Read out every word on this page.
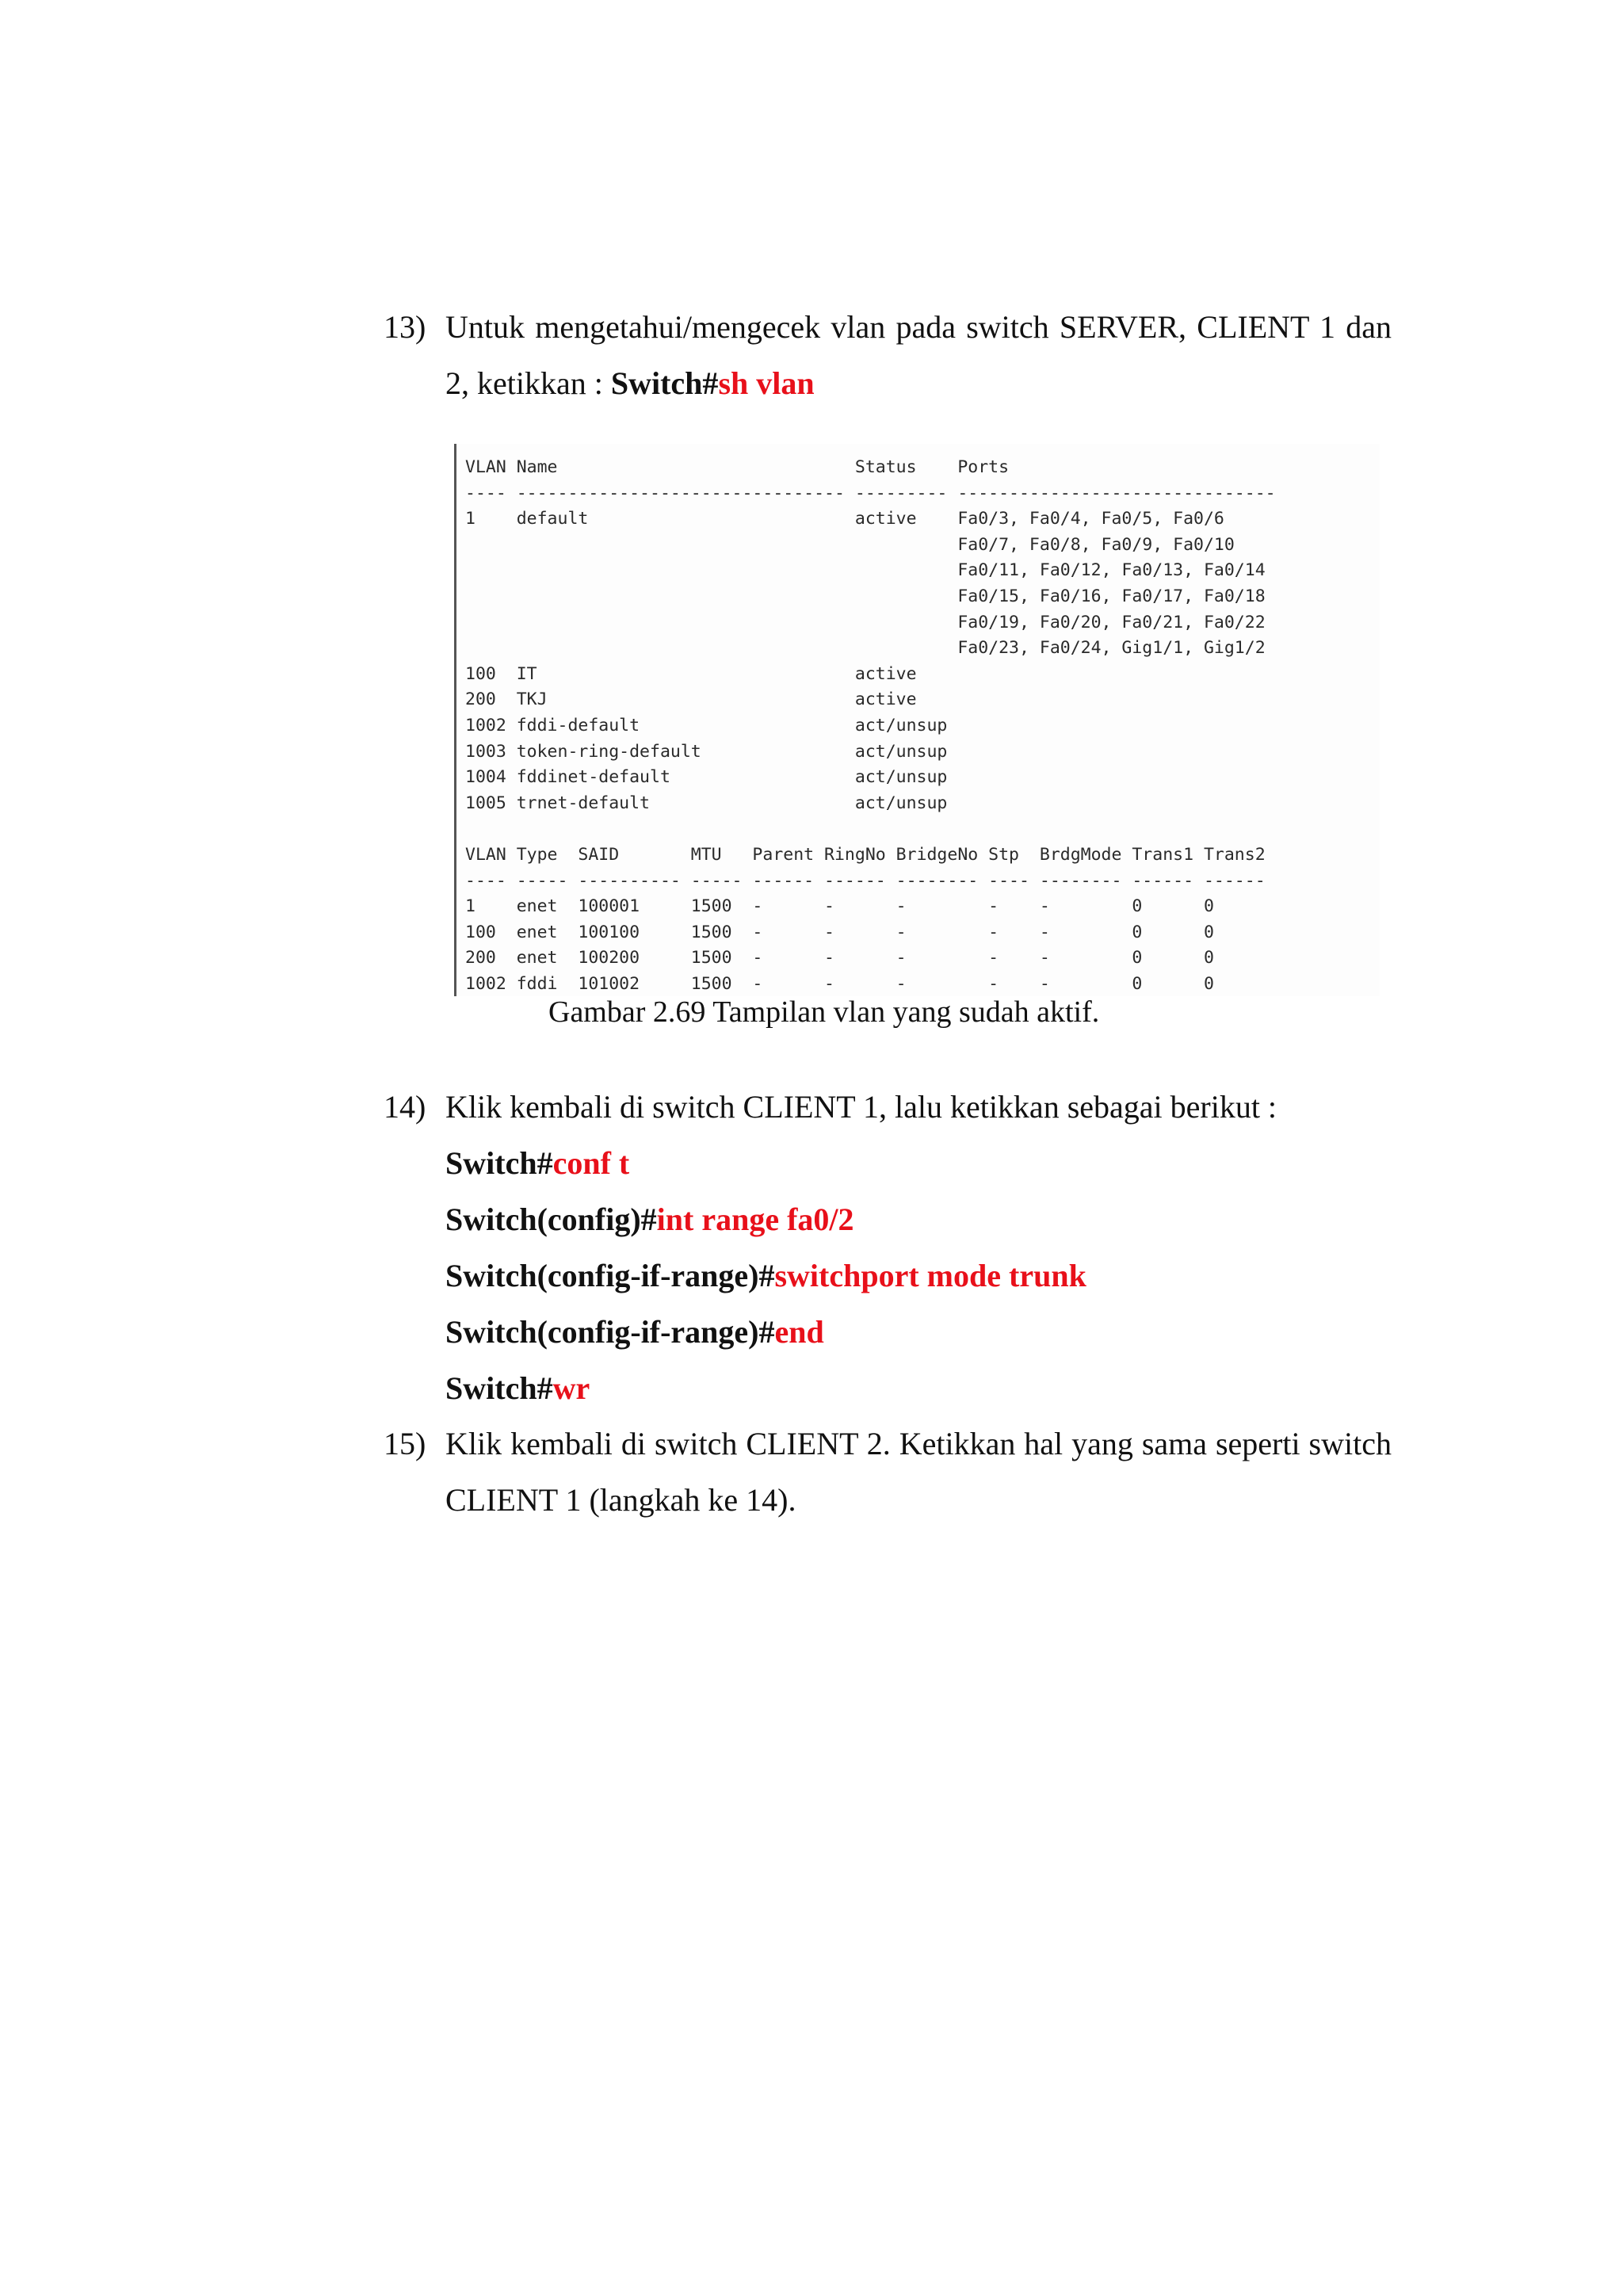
13) Untuk mengetahui/mengecek vlan pada switch SERVER, CLIENT 1 dan 2, ketikkan : Switch#sh vlan
VLAN Name                             Status    Ports
---- -------------------------------- --------- -------------------------------
1    default                          active    Fa0/3, Fa0/4, Fa0/5, Fa0/6
Fa0/7, Fa0/8, Fa0/9, Fa0/10
Fa0/11, Fa0/12, Fa0/13, Fa0/14
Fa0/15, Fa0/16, Fa0/17, Fa0/18
Fa0/19, Fa0/20, Fa0/21, Fa0/22
Fa0/23, Fa0/24, Gig1/1, Gig1/2
100  IT                               active
200  TKJ                              active
1002 fddi-default                     act/unsup
1003 token-ring-default               act/unsup
1004 fddinet-default                  act/unsup
1005 trnet-default                    act/unsup

VLAN Type  SAID       MTU   Parent RingNo BridgeNo Stp  BrdgMode Trans1 Trans2
---- ----- ---------- ----- ------ ------ -------- ---- -------- ------ ------
1    enet  100001     1500  -      -      -        -    -        0      0
100  enet  100100     1500  -      -      -        -    -        0      0
200  enet  100200     1500  -      -      -        -    -        0      0
1002 fddi  101002     1500  -      -      -        -    -        0      0
Gambar 2.69 Tampilan vlan yang sudah aktif.
14) Klik kembali di switch CLIENT 1, lalu ketikkan sebagai berikut :
Switch#conf t
Switch(config)#int range fa0/2
Switch(config-if-range)#switchport mode trunk
Switch(config-if-range)#end
Switch#wr
15) Klik kembali di switch CLIENT 2. Ketikkan hal yang sama seperti switch CLIENT 1 (langkah ke 14).
